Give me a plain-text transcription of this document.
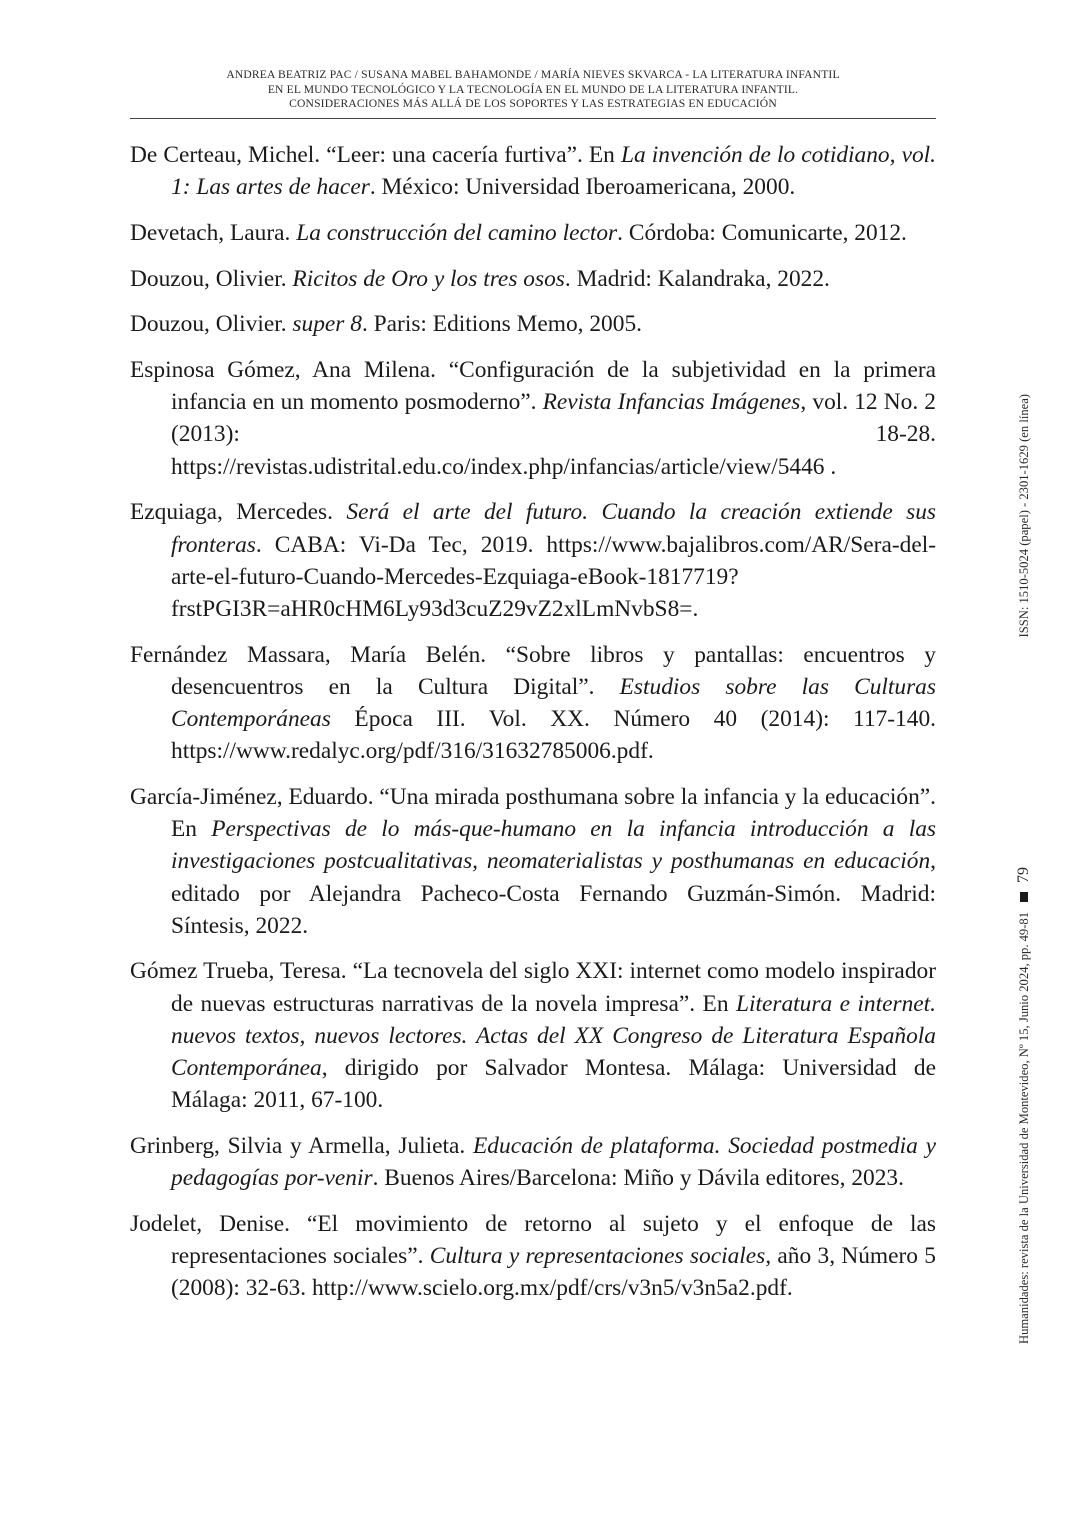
ANDREA BEATRIZ PAC / SUSANA MABEL BAHAMONDE / MARÍA NIEVES SKVARCA - LA LITERATURA INFANTIL
EN EL MUNDO TECNOLÓGICO Y LA TECNOLOGÍA EN EL MUNDO DE LA LITERATURA INFANTIL.
CONSIDERACIONES MÁS ALLÁ DE LOS SOPORTES Y LAS ESTRATEGIAS EN EDUCACIÓN

De Certeau, Michel. “Leer: una cacería furtiva”. En La invención de lo cotidiano, vol. 1: Las artes de hacer. México: Universidad Iberoamericana, 2000.

Devetach, Laura. La construcción del camino lector. Córdoba: Comunicarte, 2012.

Douzou, Olivier. Ricitos de Oro y los tres osos. Madrid: Kalandraka, 2022.

Douzou, Olivier. super 8. Paris: Editions Memo, 2005.

Espinosa Gómez, Ana Milena. “Configuración de la subjetividad en la primera infancia en un momento posmoderno”. Revista Infancias Imágenes, vol. 12 No. 2 (2013): 18-28. https://revistas.udistrital.edu.co/index.php/infancias/article/view/5446 .

Ezquiaga, Mercedes. Será el arte del futuro. Cuando la creación extiende sus fronteras. CABA: Vi-Da Tec, 2019. https://www.bajalibros.com/AR/Sera-del-arte-el-futuro-Cuando-Mercedes-Ezquiaga-eBook-1817719?frstPGI3R=aHR0cHM6Ly93d3cuZ29vZ2xlLmNvbS8=.

Fernández Massara, María Belén. “Sobre libros y pantallas: encuentros y desencuentros en la Cultura Digital”. Estudios sobre las Culturas Contemporáneas Época III. Vol. XX. Número 40 (2014): 117-140. https://www.redalyc.org/pdf/316/31632785006.pdf.

García-Jiménez, Eduardo. “Una mirada posthumana sobre la infancia y la educación”. En Perspectivas de lo más-que-humano en la infancia introducción a las investigaciones postcualitativas, neomaterialistas y posthumanas en educación, editado por Alejandra Pacheco-Costa Fernando Guzmán-Simón. Madrid: Síntesis, 2022.

Gómez Trueba, Teresa. “La tecnovela del siglo XXI: internet como modelo inspirador de nuevas estructuras narrativas de la novela impresa”. En Literatura e internet. nuevos textos, nuevos lectores. Actas del XX Congreso de Literatura Española Contemporánea, dirigido por Salvador Montesa. Málaga: Universidad de Málaga: 2011, 67-100.

Grinberg, Silvia y Armella, Julieta. Educación de plataforma. Sociedad postmedia y pedagogías por-venir. Buenos Aires/Barcelona: Miño y Dávila editores, 2023.

Jodelet, Denise. “El movimiento de retorno al sujeto y el enfoque de las representaciones sociales”. Cultura y representaciones sociales, año 3, Número 5 (2008): 32-63. http://www.scielo.org.mx/pdf/crs/v3n5/v3n5a2.pdf.	Humanidades: revista de la Universidad de Montevideo, Nº 15, Junio 2024, pp. 49-81
79
ISSN: 1510-5024 (papel) - 2301-1629 (en línea)
